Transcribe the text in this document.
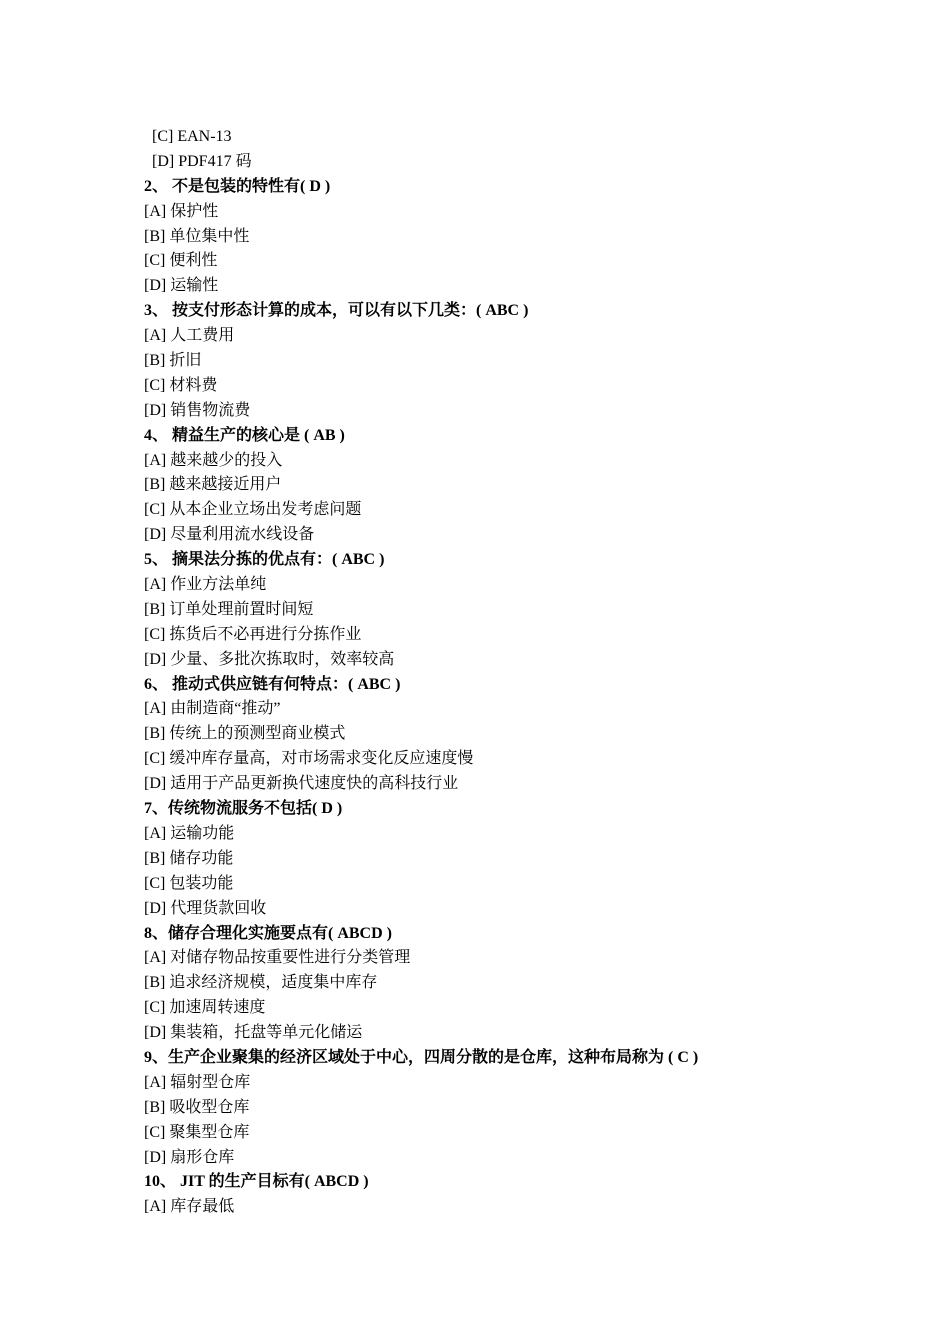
[C] EAN-13
[D] PDF417 码
2、 不是包装的特性有( D )
[A] 保护性
[B] 单位集中性
[C] 便利性
[D] 运输性
3、 按支付形态计算的成本，可以有以下几类：( ABC )
[A] 人工费用
[B] 折旧
[C] 材料费
[D] 销售物流费
4、 精益生产的核心是 ( AB )
[A] 越来越少的投入
[B] 越来越接近用户
[C] 从本企业立场出发考虑问题
[D] 尽量利用流水线设备
5、 摘果法分拣的优点有：( ABC )
[A] 作业方法单纯
[B] 订单处理前置时间短
[C] 拣货后不必再进行分拣作业
[D] 少量、多批次拣取时，效率较高
6、 推动式供应链有何特点：( ABC )
[A] 由制造商“推动”
[B] 传统上的预测型商业模式
[C] 缓冲库存量高，对市场需求变化反应速度慢
[D] 适用于产品更新换代速度快的高科技行业
7、传统物流服务不包括( D )
[A] 运输功能
[B] 储存功能
[C] 包装功能
[D] 代理货款回收
8、储存合理化实施要点有( ABCD )
[A] 对储存物品按重要性进行分类管理
[B] 追求经济规模，适度集中库存
[C] 加速周转速度
[D] 集装箱，托盘等单元化储运
9、生产企业聚集的经济区域处于中心，四周分散的是仓库，这种布局称为 ( C )
[A] 辐射型仓库
[B] 吸收型仓库
[C] 聚集型仓库
[D] 扇形仓库
10、 JIT 的生产目标有( ABCD )
[A] 库存最低
